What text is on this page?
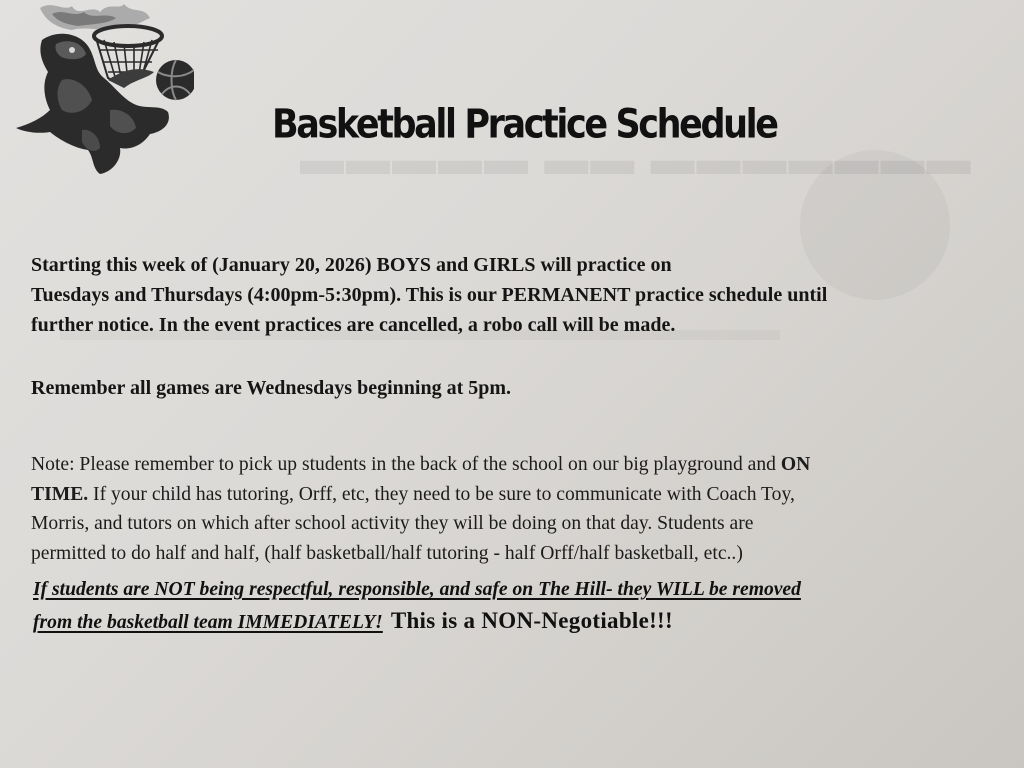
▬▬▬▬▬ ▬▬ ▬▬▬▬▬▬▬
Basketball Practice Schedule
Starting this week of (January 20, 2026) BOYS and GIRLS will practice on
Tuesdays and Thursdays (4:00pm-5:30pm). This is our PERMANENT practice schedule until
further notice. In the event practices are cancelled, a robo call will be made.
Remember all games are Wednesdays beginning at 5pm.
Note: Please remember to pick up students in the back of the school on our big playground and ON
TIME. If your child has tutoring, Orff, etc, they need to be sure to communicate with Coach Toy,
Morris, and tutors on which after school activity they will be doing on that day. Students are
permitted to do half and half, (half basketball/half tutoring - half Orff/half basketball, etc..)
If students are NOT being respectful, responsible, and safe on The Hill- they WILL be removed
from the basketball team IMMEDIATELY! This is a NON-Negotiable!!!
